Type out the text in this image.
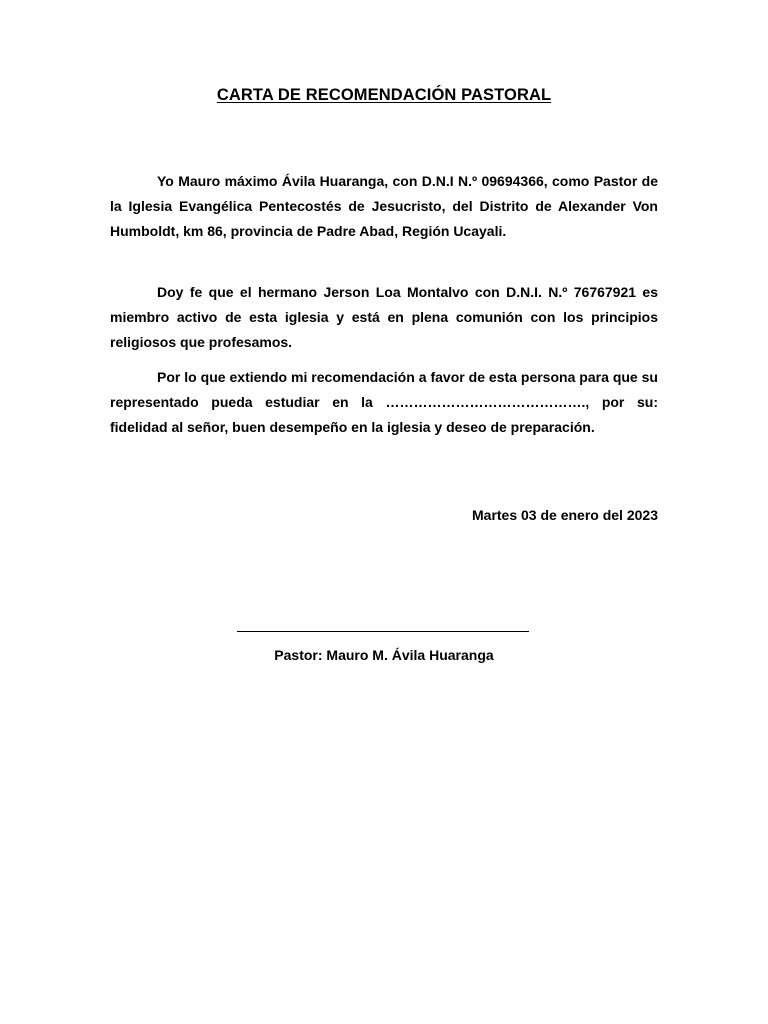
CARTA DE RECOMENDACIÓN PASTORAL

Yo Mauro máximo Ávila Huaranga, con D.N.I N.º 09694366, como Pastor de la Iglesia Evangélica Pentecostés de Jesucristo, del Distrito de Alexander Von Humboldt, km 86, provincia de Padre Abad, Región Ucayali.

Doy fe que el hermano Jerson Loa Montalvo con D.N.I. N.º 76767921 es miembro activo de esta iglesia y está en plena comunión con los principios religiosos que profesamos.

Por lo que extiendo mi recomendación a favor de esta persona para que su representado pueda estudiar en la ……………………………………., por su: fidelidad al señor, buen desempeño en la iglesia y deseo de preparación.

Martes 03 de enero del 2023

Pastor: Mauro M. Ávila Huaranga
